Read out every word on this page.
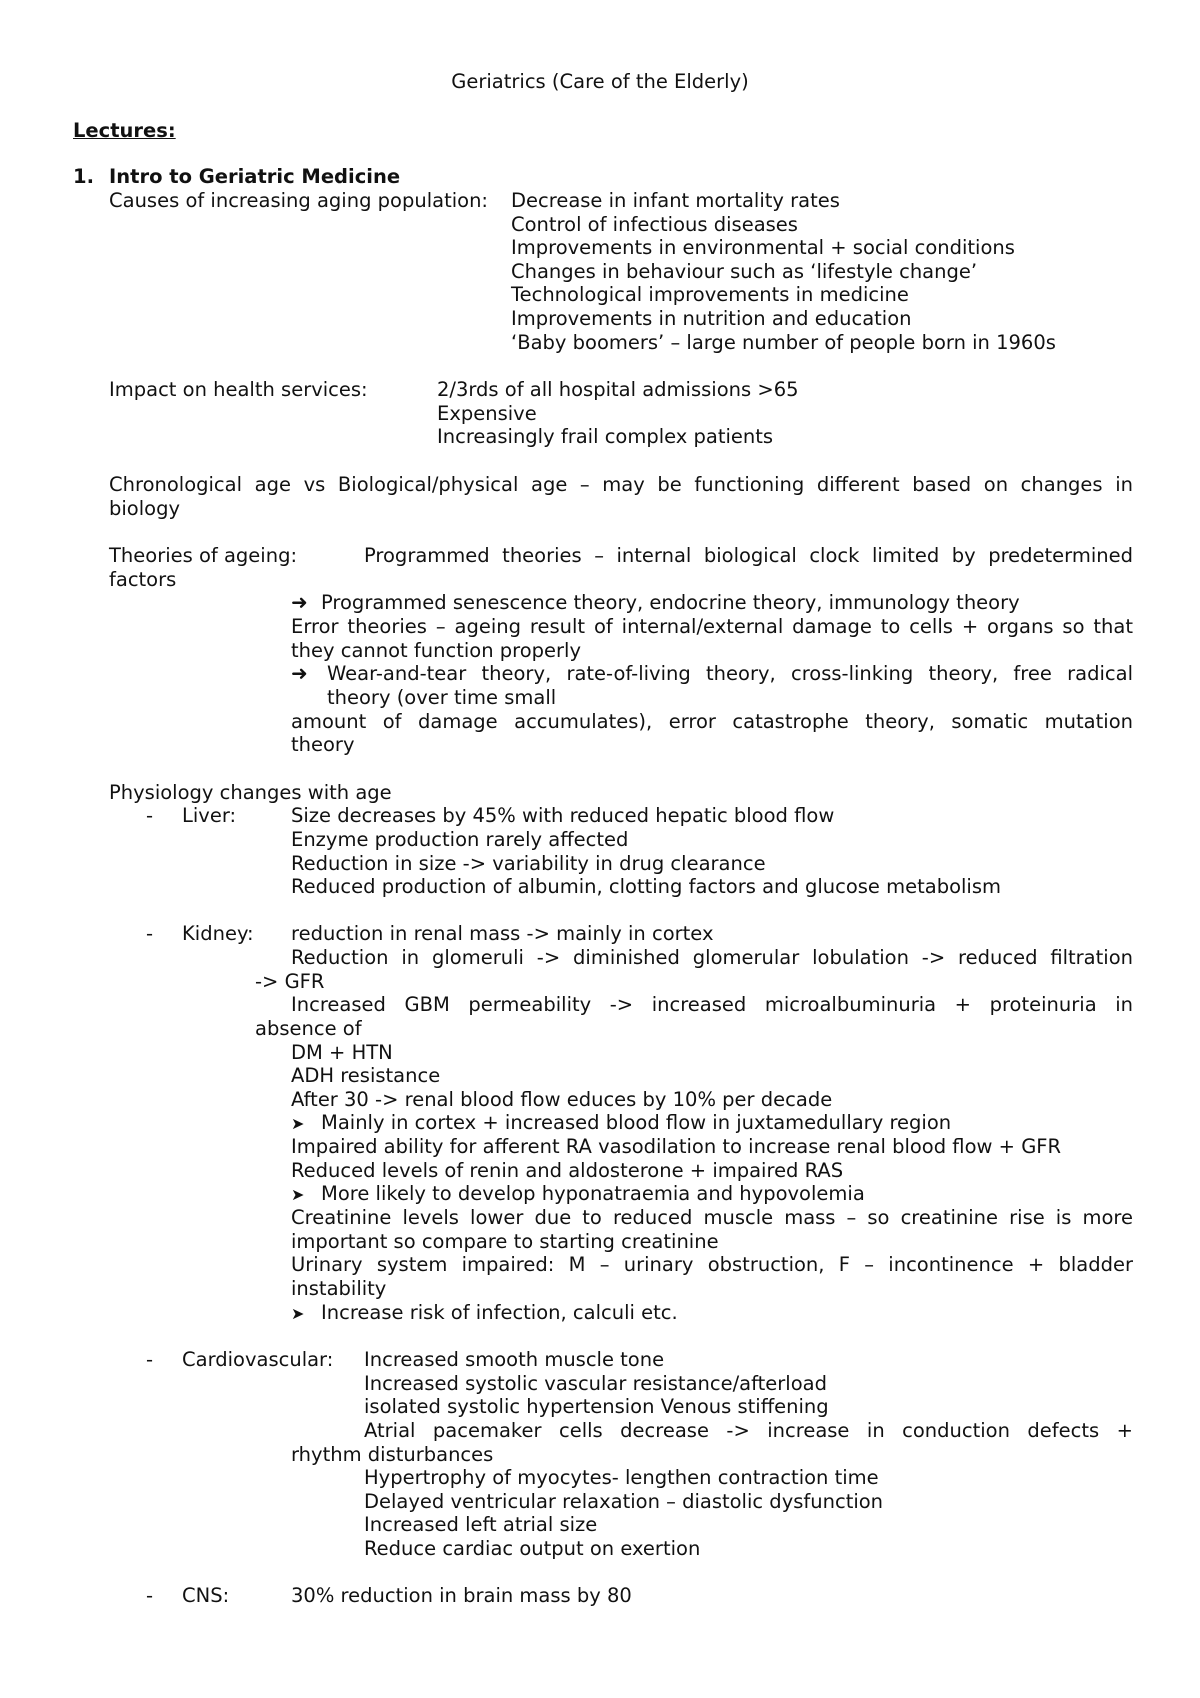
Geriatrics (Care of the Elderly)
Lectures:
1. Intro to Geriatric Medicine
Causes of increasing aging population: Decrease in infant mortality rates
Control of infectious diseases
Improvements in environmental + social conditions
Changes in behaviour such as ‘lifestyle change’
Technological improvements in medicine
Improvements in nutrition and education
‘Baby boomers’ – large number of people born in 1960s
Impact on health services:	2/3rds of all hospital admissions >65
Expensive
Increasingly frail complex patients
Chronological age vs Biological/physical age – may be functioning different based on changes in
biology
Theories of ageing:	Programmed theories – internal biological clock limited by predetermined
factors
➜ Programmed senescence theory, endocrine theory, immunology theory
Error theories – ageing result of internal/external damage to cells + organs so that
they cannot function properly
➜ Wear-and-tear theory, rate-of-living theory, cross-linking theory, free radical
theory (over time small
amount of damage accumulates), error catastrophe theory, somatic mutation
theory
Physiology changes with age
- Liver:	Size decreases by 45% with reduced hepatic blood flow
Enzyme production rarely affected
Reduction in size -> variability in drug clearance
Reduced production of albumin, clotting factors and glucose metabolism
- Kidney: reduction in renal mass -> mainly in cortex
Reduction in glomeruli -> diminished glomerular lobulation -> reduced filtration
-> GFR
Increased GBM permeability -> increased microalbuminuria + proteinuria in
absence of
DM + HTN
ADH resistance
After 30 -> renal blood flow educes by 10% per decade
➤ Mainly in cortex + increased blood flow in juxtamedullary region
Impaired ability for afferent RA vasodilation to increase renal blood flow + GFR
Reduced levels of renin and aldosterone + impaired RAS
➤ More likely to develop hyponatraemia and hypovolemia
Creatinine levels lower due to reduced muscle mass – so creatinine rise is more
important so compare to starting creatinine
Urinary system impaired: M – urinary obstruction, F – incontinence + bladder
instability
➤ Increase risk of infection, calculi etc.
- Cardiovascular: Increased smooth muscle tone
Increased systolic vascular resistance/afterload
isolated systolic hypertension Venous stiffening
Atrial pacemaker cells decrease -> increase in conduction defects +
rhythm disturbances
Hypertrophy of myocytes- lengthen contraction time
Delayed ventricular relaxation – diastolic dysfunction
Increased left atrial size
Reduce cardiac output on exertion
- CNS:	30% reduction in brain mass by 80
